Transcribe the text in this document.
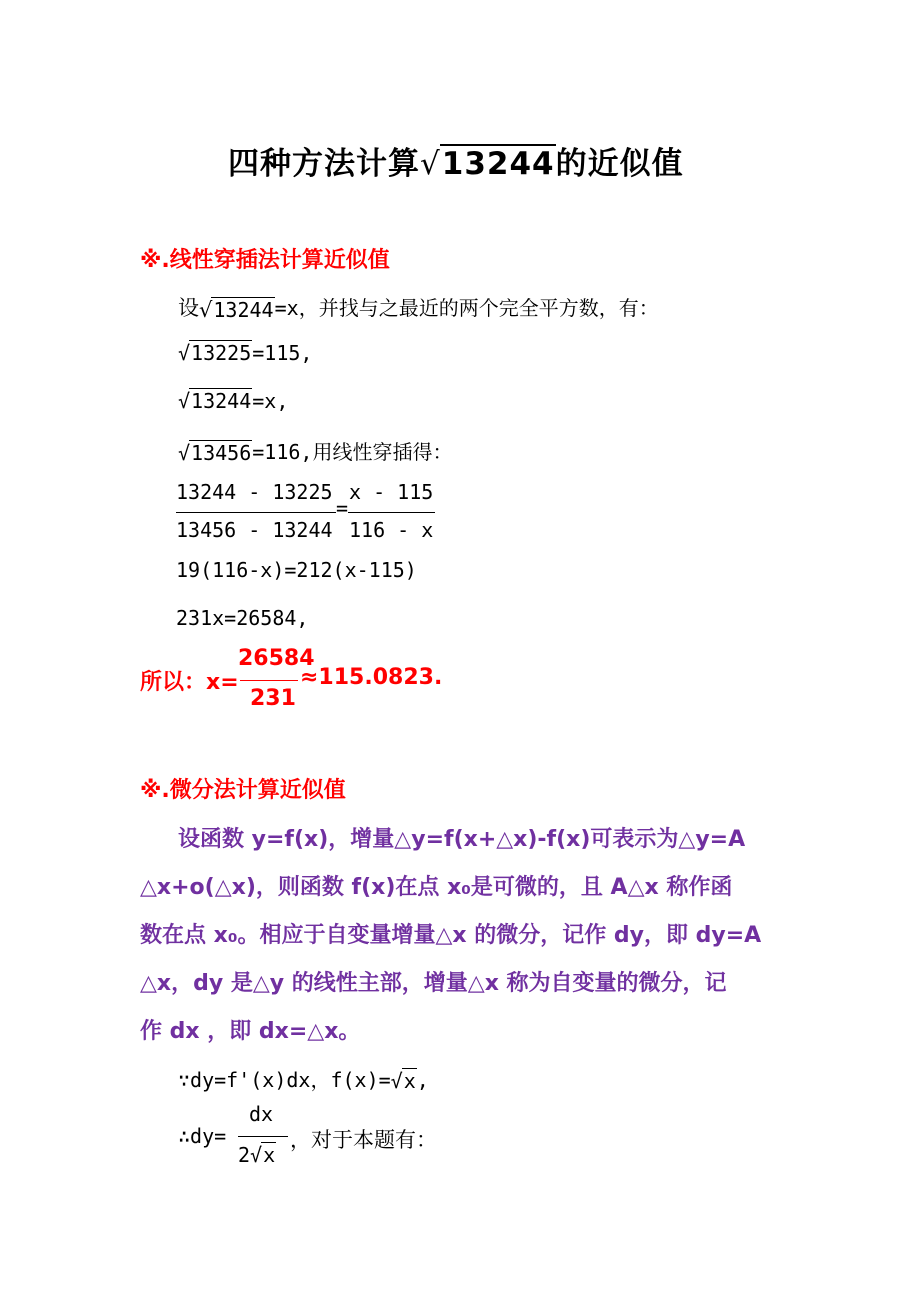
四种方法计算√13244的近似值
※.线性穿插法计算近似值
设√13244=x，并找与之最近的两个完全平方数，有：
√13225=115,
√13244=x,
√13456=116,用线性穿插得：
13244 - 13225
13456 - 13244
=
x - 115
116 - x
19(116-x)=212(x-115)
231x=26584,
所以：x=
26584
231
≈115.0823.
※.微分法计算近似值
设函数 y=f(x)，增量△y=f(x+△x)-f(x)可表示为△y=A
△x+o(△x)，则函数 f(x)在点 x₀是可微的，且 A△x 称作函
数在点 x₀。相应于自变量增量△x 的微分，记作 dy，即 dy=A
△x，dy 是△y 的线性主部，增量△x 称为自变量的微分，记
作 dx ，即 dx=△x。
∵dy=f'(x)dx，f(x)=√x,
∴dy=
dx
2√x
，对于本题有：
